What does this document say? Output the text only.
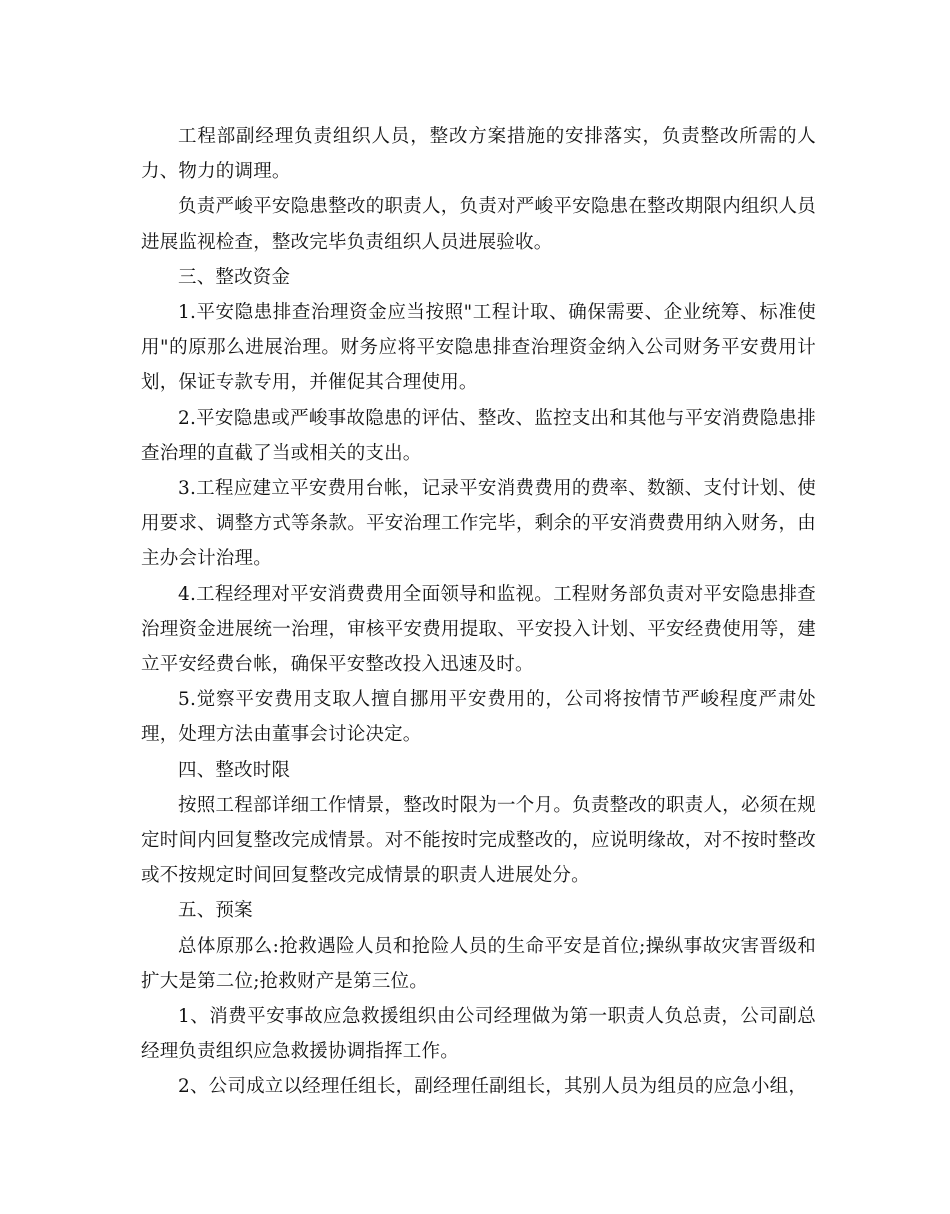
工程部副经理负责组织人员，整改方案措施的安排落实，负责整改所需的人力、物力的调理。

负责严峻平安隐患整改的职责人，负责对严峻平安隐患在整改期限内组织人员进展监视检查，整改完毕负责组织人员进展验收。

三、整改资金

1.平安隐患排查治理资金应当按照"工程计取、确保需要、企业统筹、标准使用"的原那么进展治理。财务应将平安隐患排查治理资金纳入公司财务平安费用计划，保证专款专用，并催促其合理使用。

2.平安隐患或严峻事故隐患的评估、整改、监控支出和其他与平安消费隐患排查治理的直截了当或相关的支出。

3.工程应建立平安费用台帐，记录平安消费费用的费率、数额、支付计划、使用要求、调整方式等条款。平安治理工作完毕，剩余的平安消费费用纳入财务，由主办会计治理。

4.工程经理对平安消费费用全面领导和监视。工程财务部负责对平安隐患排查治理资金进展统一治理，审核平安费用提取、平安投入计划、平安经费使用等，建立平安经费台帐，确保平安整改投入迅速及时。

5.觉察平安费用支取人擅自挪用平安费用的，公司将按情节严峻程度严肃处理，处理方法由董事会讨论决定。

四、整改时限

按照工程部详细工作情景，整改时限为一个月。负责整改的职责人，必须在规定时间内回复整改完成情景。对不能按时完成整改的，应说明缘故，对不按时整改或不按规定时间回复整改完成情景的职责人进展处分。

五、预案

总体原那么:抢救遇险人员和抢险人员的生命平安是首位;操纵事故灾害晋级和扩大是第二位;抢救财产是第三位。

1、消费平安事故应急救援组织由公司经理做为第一职责人负总责，公司副总经理负责组织应急救援协调指挥工作。

2、公司成立以经理任组长，副经理任副组长，其别人员为组员的应急小组，
